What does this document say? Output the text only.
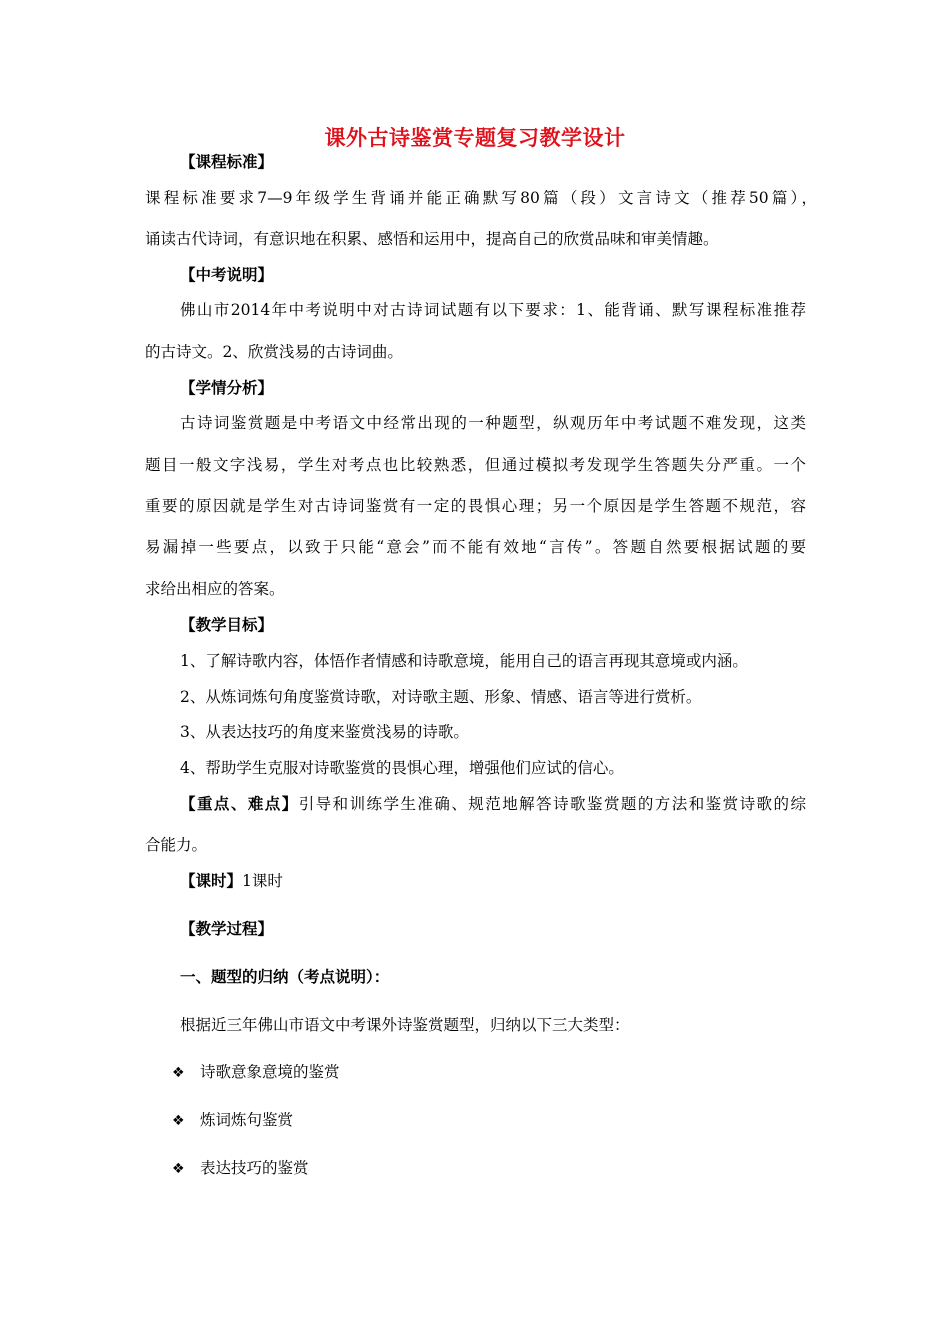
课外古诗鉴赏专题复习教学设计
【课程标准】
课程标准要求7—9年级学生背诵并能正确默写80篇（段）文言诗文（推荐50篇），
诵读古代诗词，有意识地在积累、感悟和运用中，提高自己的欣赏品味和审美情趣。
【中考说明】
佛山市2014年中考说明中对古诗词试题有以下要求：1、能背诵、默写课程标准推荐
的古诗文。2、欣赏浅易的古诗词曲。
【学情分析】
古诗词鉴赏题是中考语文中经常出现的一种题型，纵观历年中考试题不难发现，这类
题目一般文字浅易，学生对考点也比较熟悉，但通过模拟考发现学生答题失分严重。一个
重要的原因就是学生对古诗词鉴赏有一定的畏惧心理；另一个原因是学生答题不规范，容
易漏掉一些要点，以致于只能“意会”而不能有效地“言传”。答题自然要根据试题的要
求给出相应的答案。
【教学目标】
1、了解诗歌内容，体悟作者情感和诗歌意境，能用自己的语言再现其意境或内涵。
2、从炼词炼句角度鉴赏诗歌，对诗歌主题、形象、情感、语言等进行赏析。
3、从表达技巧的角度来鉴赏浅易的诗歌。
4、帮助学生克服对诗歌鉴赏的畏惧心理，增强他们应试的信心。
【重点、难点】引导和训练学生准确、规范地解答诗歌鉴赏题的方法和鉴赏诗歌的综
合能力。
【课时】1课时
【教学过程】
一、题型的归纳（考点说明）：
根据近三年佛山市语文中考课外诗鉴赏题型，归纳以下三大类型：
❖ 诗歌意象意境的鉴赏
❖ 炼词炼句鉴赏
❖ 表达技巧的鉴赏
